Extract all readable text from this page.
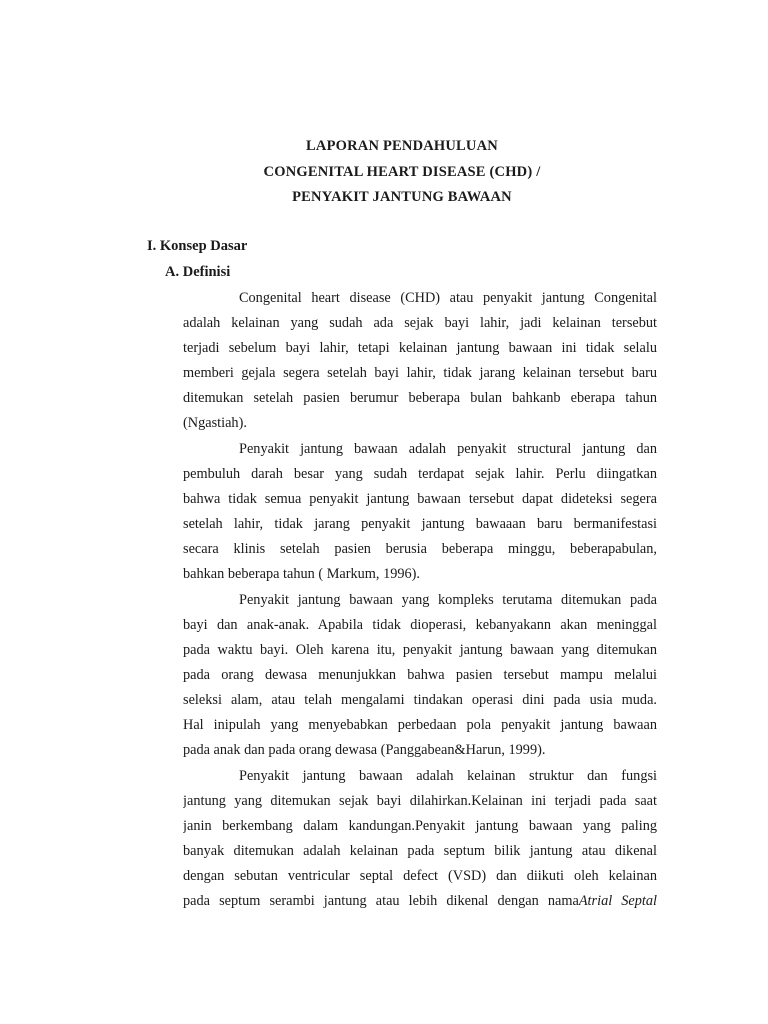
LAPORAN PENDAHULUAN
CONGENITAL HEART DISEASE (CHD) /
PENYAKIT JANTUNG BAWAAN
I. Konsep Dasar
A. Definisi
Congenital heart disease (CHD) atau penyakit jantung Congenital
adalah kelainan yang sudah ada sejak bayi lahir, jadi kelainan tersebut
terjadi sebelum bayi lahir, tetapi kelainan jantung bawaan ini tidak selalu
memberi gejala segera setelah bayi lahir, tidak jarang kelainan tersebut baru
ditemukan setelah pasien berumur beberapa bulan bahkanb eberapa tahun
(Ngastiah).
Penyakit jantung bawaan adalah penyakit structural jantung dan
pembuluh darah besar yang sudah terdapat sejak lahir. Perlu diingatkan
bahwa tidak semua penyakit jantung bawaan tersebut dapat dideteksi segera
setelah lahir, tidak jarang penyakit jantung bawaaan baru bermanifestasi
secara klinis setelah pasien berusia beberapa minggu, beberapabulan,
bahkan beberapa tahun ( Markum, 1996).
Penyakit jantung bawaan yang kompleks terutama ditemukan pada
bayi dan anak-anak. Apabila tidak dioperasi, kebanyakann akan meninggal
pada waktu bayi. Oleh karena itu, penyakit jantung bawaan yang ditemukan
pada orang dewasa menunjukkan bahwa pasien tersebut mampu melalui
seleksi alam, atau telah mengalami tindakan operasi dini pada usia muda.
Hal inipulah yang menyebabkan perbedaan pola penyakit jantung bawaan
pada anak dan pada orang dewasa (Panggabean&Harun, 1999).
Penyakit jantung bawaan adalah kelainan struktur dan fungsi
jantung yang ditemukan sejak bayi dilahirkan.Kelainan ini terjadi pada saat
janin berkembang dalam kandungan.Penyakit jantung bawaan yang paling
banyak ditemukan adalah kelainan pada septum bilik jantung atau dikenal
dengan sebutan ventricular septal defect (VSD) dan diikuti oleh kelainan
pada septum serambi jantung atau lebih dikenal dengan namaAtrial Septal
